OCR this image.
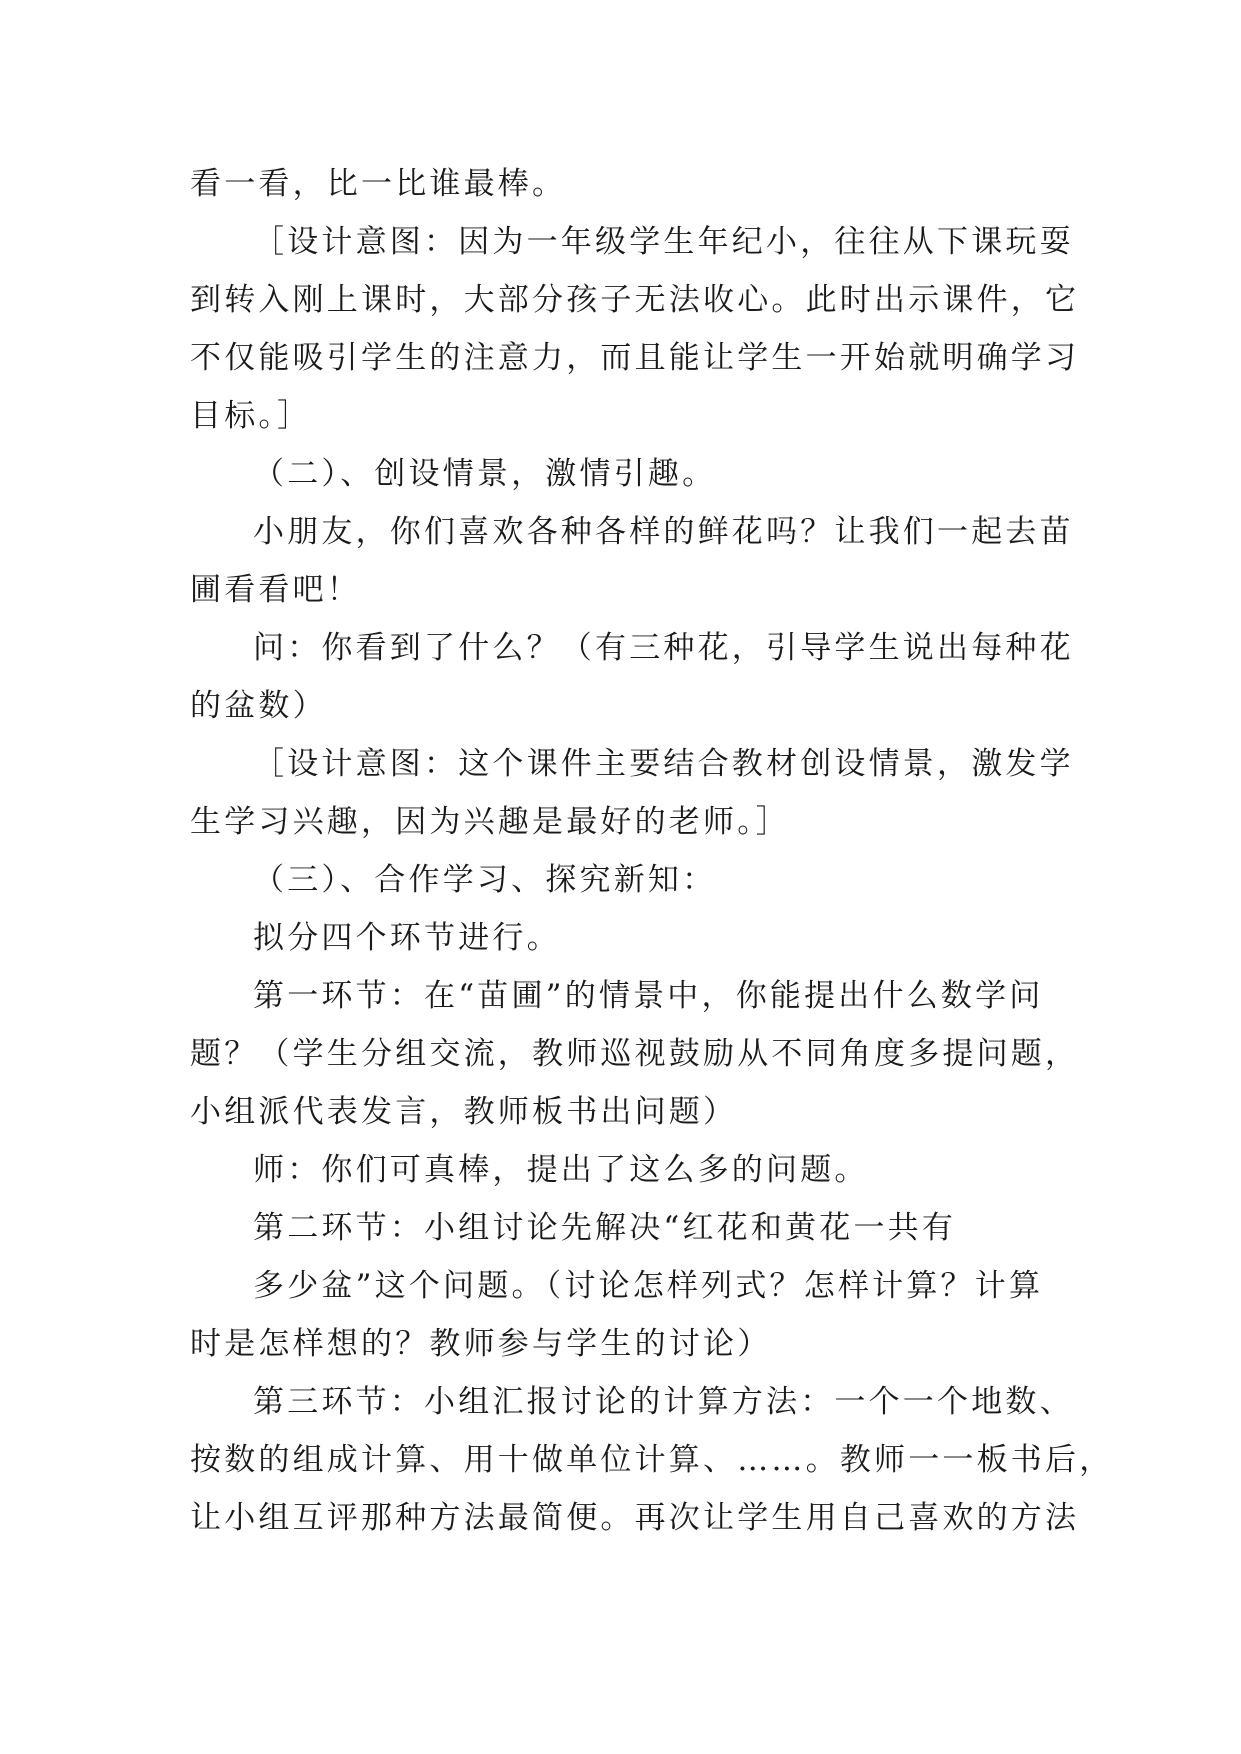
看一看，比一比谁最棒。
［设计意图：因为一年级学生年纪小，往往从下课玩耍
到转入刚上课时，大部分孩子无法收心。此时出示课件，它
不仅能吸引学生的注意力，而且能让学生一开始就明确学习
目标。］
（二）、创设情景，激情引趣。
小朋友，你们喜欢各种各样的鲜花吗？让我们一起去苗
圃看看吧！
问：你看到了什么？（有三种花，引导学生说出每种花
的盆数）
［设计意图：这个课件主要结合教材创设情景，激发学
生学习兴趣，因为兴趣是最好的老师。］
（三）、合作学习、探究新知：
拟分四个环节进行。
第一环节：在“苗圃”的情景中，你能提出什么数学问
题？（学生分组交流，教师巡视鼓励从不同角度多提问题，
小组派代表发言，教师板书出问题）
师：你们可真棒，提出了这么多的问题。
第二环节：小组讨论先解决“红花和黄花一共有
多少盆”这个问题。（讨论怎样列式？怎样计算？计算
时是怎样想的？教师参与学生的讨论）
第三环节：小组汇报讨论的计算方法：一个一个地数、
按数的组成计算、用十做单位计算、……。教师一一板书后，
让小组互评那种方法最简便。再次让学生用自己喜欢的方法
